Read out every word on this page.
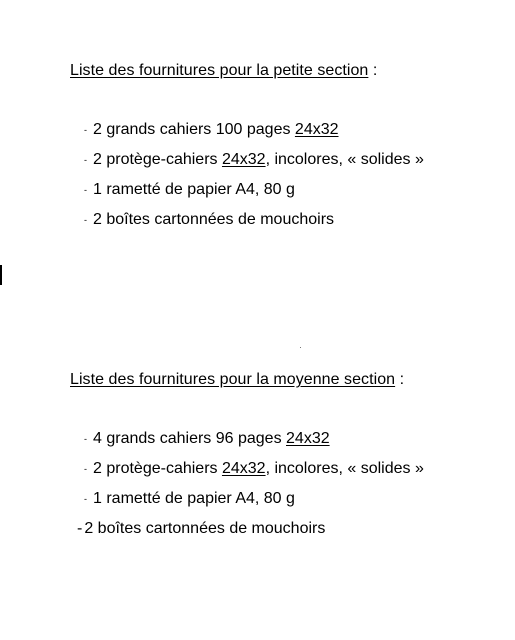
Liste des fournitures pour la petite section :
- 2 grands cahiers 100 pages 24x32
- 2 protège-cahiers 24x32, incolores, « solides »
- 1 rametté de papier A4, 80 g
- 2 boîtes cartonnées de mouchoirs
Liste des fournitures pour la moyenne section :
- 4 grands cahiers 96 pages 24x32
- 2 protège-cahiers 24x32, incolores, « solides »
- 1 rametté de papier A4, 80 g
- 2 boîtes cartonnées de mouchoirs
